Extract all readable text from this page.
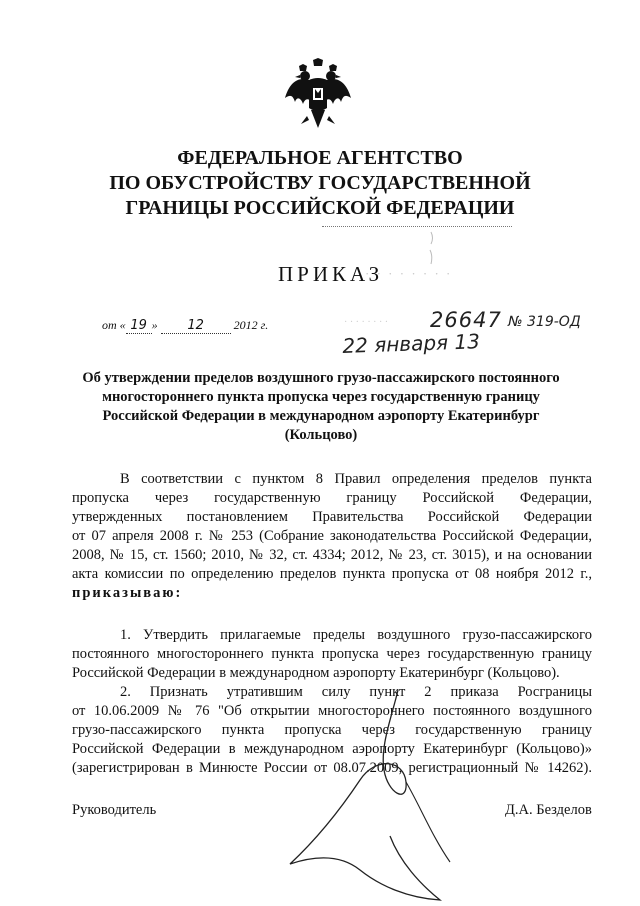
ФЕДЕРАЛЬНОЕ АГЕНТСТВО
ПО ОБУСТРОЙСТВУ ГОСУДАРСТВЕННОЙ
ГРАНИЦЫ РОССИЙСКОЙ ФЕДЕРАЦИИ
ПРИКАЗ
· · · · · · · ·
· · · · · · · ·
от « 19 » 12 2012 г.	26647 № 319-ОД
22 января 13
Об утверждении пределов воздушного грузо-пассажирского постоянного
многостороннего пункта пропуска через государственную границу
Российской Федерации в международном аэропорту Екатеринбург
(Кольцово)
В соответствии с пунктом 8 Правил определения пределов пункта
пропуска через государственную границу Российской Федерации,
утвержденных постановлением Правительства Российской Федерации
от 07 апреля 2008 г. № 253 (Собрание законодательства Российской Федерации,
2008, № 15, ст. 1560; 2010, № 32, ст. 4334; 2012, № 23, ст. 3015), и на основании
акта комиссии по определению пределов пункта пропуска от 08 ноября 2012 г.,
приказываю:
1. Утвердить прилагаемые пределы воздушного грузо-пассажирского
постоянного многостороннего пункта пропуска через государственную границу
Российской Федерации в международном аэропорту Екатеринбург (Кольцово).
2. Признать утратившим силу пункт 2 приказа Росграницы
от 10.06.2009 № 76 "Об открытии многостороннего постоянного воздушного
грузо-пассажирского пункта пропуска через государственную границу
Российской Федерации в международном аэропорту Екатеринбург (Кольцово)»
(зарегистрирован в Минюсте России от 08.07.2009, регистрационный № 14262).
Руководитель	Д.А. Безделов
